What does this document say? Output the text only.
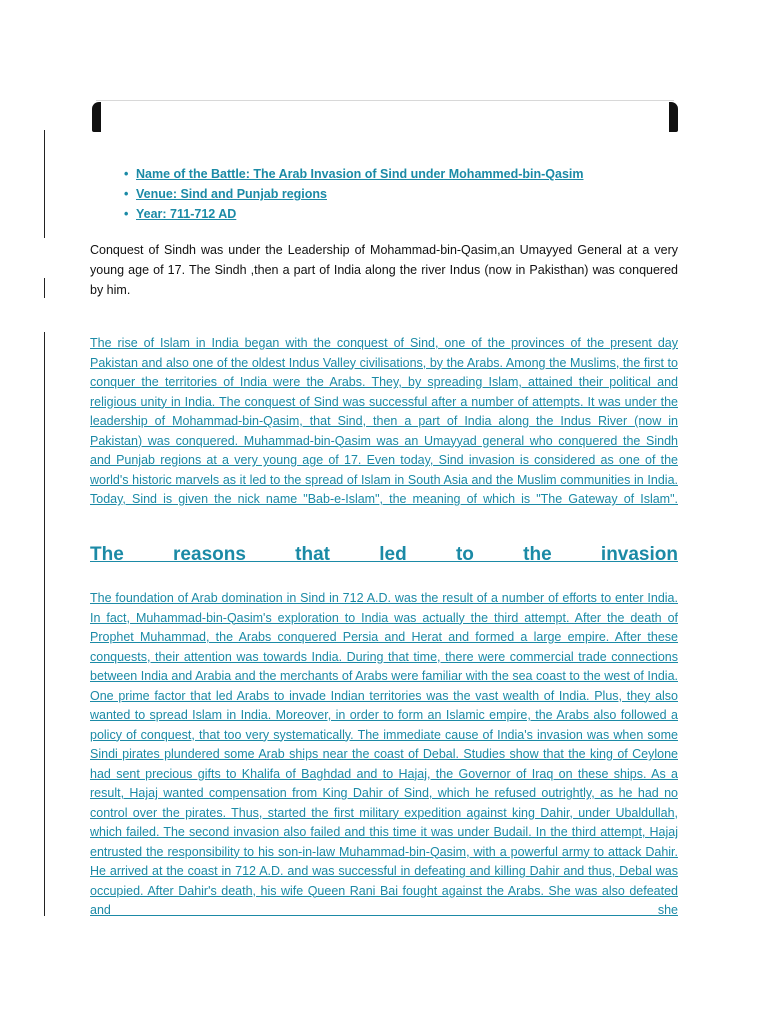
• Name of the Battle: The Arab Invasion of Sind under Mohammed-bin-Qasim
• Venue: Sind and Punjab regions
• Year: 711-712 AD

Conquest of Sindh was under the Leadership of Mohammad-bin-Qasim,an Umayyed General at a very young age of 17. The Sindh ,then a part of India along the river Indus (now in Pakisthan) was conquered by him.

The rise of Islam in India began with the conquest of Sind, one of the provinces of the present day Pakistan and also one of the oldest Indus Valley civilisations, by the Arabs. Among the Muslims, the first to conquer the territories of India were the Arabs. They, by spreading Islam, attained their political and religious unity in India. The conquest of Sind was successful after a number of attempts. It was under the leadership of Mohammad-bin-Qasim, that Sind, then a part of India along the Indus River (now in Pakistan) was conquered. Muhammad-bin-Qasim was an Umayyad general who conquered the Sindh and Punjab regions at a very young age of 17. Even today, Sind invasion is considered as one of the world's historic marvels as it led to the spread of Islam in South Asia and the Muslim communities in India. Today, Sind is given the nick name "Bab-e-Islam", the meaning of which is "The Gateway of Islam".

The reasons that led to the invasion

The foundation of Arab domination in Sind in 712 A.D. was the result of a number of efforts to enter India. In fact, Muhammad-bin-Qasim's exploration to India was actually the third attempt. After the death of Prophet Muhammad, the Arabs conquered Persia and Herat and formed a large empire. After these conquests, their attention was towards India. During that time, there were commercial trade connections between India and Arabia and the merchants of Arabs were familiar with the sea coast to the west of India. One prime factor that led Arabs to invade Indian territories was the vast wealth of India. Plus, they also wanted to spread Islam in India. Moreover, in order to form an Islamic empire, the Arabs also followed a policy of conquest, that too very systematically. The immediate cause of India's invasion was when some Sindi pirates plundered some Arab ships near the coast of Debal. Studies show that the king of Ceylone had sent precious gifts to Khalifa of Baghdad and to Hajaj, the Governor of Iraq on these ships. As a result, Hajaj wanted compensation from King Dahir of Sind, which he refused outrightly, as he had no control over the pirates. Thus, started the first military expedition against king Dahir, under Ubaldullah, which failed. The second invasion also failed and this time it was under Budail. In the third attempt, Hajaj entrusted the responsibility to his son-in-law Muhammad-bin-Qasim, with a powerful army to attack Dahir. He arrived at the coast in 712 A.D. and was successful in defeating and killing Dahir and thus, Debal was occupied. After Dahir's death, his wife Queen Rani Bai fought against the Arabs. She was also defeated and she
